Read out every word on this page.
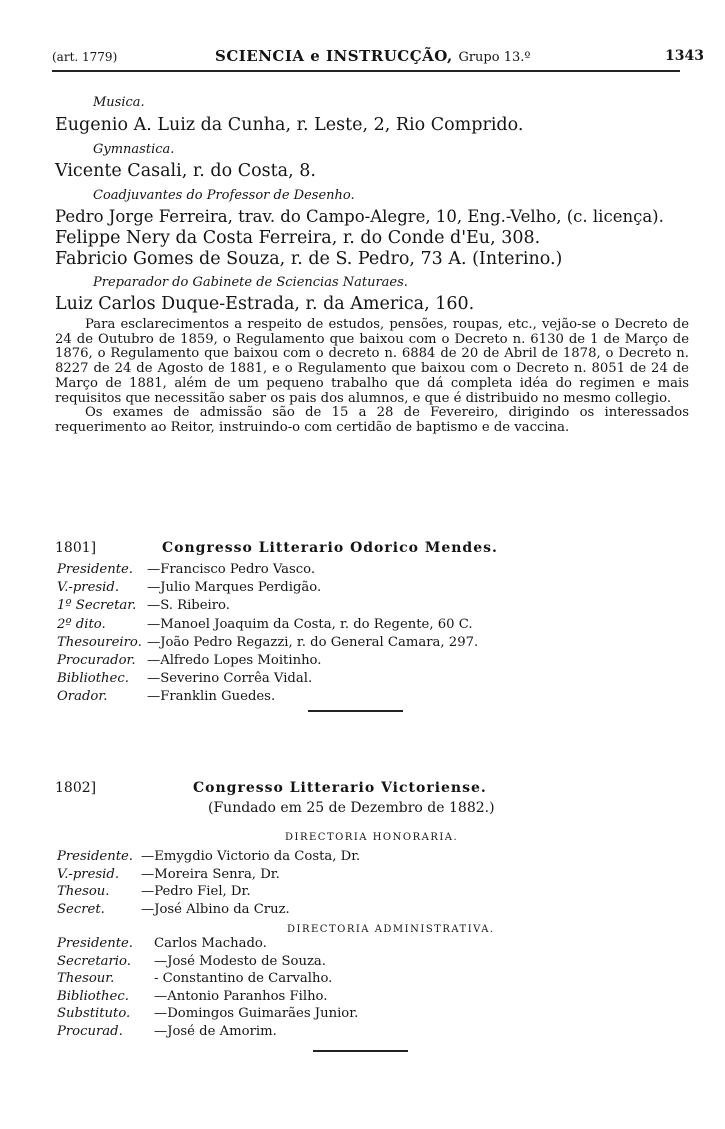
(art. 1779)	SCIENCIA e INSTRUCÇÃO, Grupo 13.º	1343
Musica.
Eugenio A. Luiz da Cunha, r. Leste, 2, Rio Comprido.
Gymnastica.
Vicente Casali, r. do Costa, 8.
Coadjuvantes do Professor de Desenho.
Pedro Jorge Ferreira, trav. do Campo-Alegre, 10, Eng.-Velho, (c. licença).
Felippe Nery da Costa Ferreira, r. do Conde d'Eu, 308.
Fabricio Gomes de Souza, r. de S. Pedro, 73 A. (Interino.)
Preparador do Gabinete de Sciencias Naturaes.
Luiz Carlos Duque-Estrada, r. da America, 160.

Para esclarecimentos a respeito de estudos, pensões, roupas, etc., vejão-se o Decreto de 24 de Outubro de 1859, o Regulamento que baixou com o Decreto n. 6130 de 1 de Março de 1876, o Regulamento que baixou com o decreto n. 6884 de 20 de Abril de 1878, o Decreto n. 8227 de 24 de Agosto de 1881, e o Regulamento que baixou com o Decreto n. 8051 de 24 de Março de 1881, além de um pequeno trabalho que dá completa idéa do regimen e mais requisitos que necessitão saber os pais dos alumnos, e que é distribuido no mesmo collegio.

Os exames de admissão são de 15 a 28 de Fevereiro, dirigindo os interessados requerimento ao Reitor, instruindo-o com certidão de baptismo e de vaccina.

1801]	Congresso Litterario Odorico Mendes.
Presidente. —Francisco Pedro Vasco.
V.-presid. —Julio Marques Perdigão.
1º Secretar. —S. Ribeiro.
2º dito.	—Manoel Joaquim da Costa, r. do Regente, 60 C.
Thesoureiro. —João Pedro Regazzi, r. do General Camara, 297.
Procurador. —Alfredo Lopes Moitinho.
Bibliothec. —Severino Corrêa Vidal.
Orador.	—Franklin Guedes.
1802]	Congresso Litterario Victoriense.
(Fundado em 25 de Dezembro de 1882.)
DIRECTORIA HONORARIA.
Presidente. —Emygdio Victorio da Costa, Dr.
V.-presid. —Moreira Senra, Dr.
Thesou. —Pedro Fiel, Dr.
Secret.	—José Albino da Cruz.
DIRECTORIA ADMINISTRATIVA.
Presidente. Carlos Machado.
Secretario. —José Modesto de Souza.
Thesour.	- Constantino de Carvalho.
Bibliothec. —Antonio Paranhos Filho.
Substituto. —Domingos Guimarães Junior.
Procurad. —José de Amorim.
